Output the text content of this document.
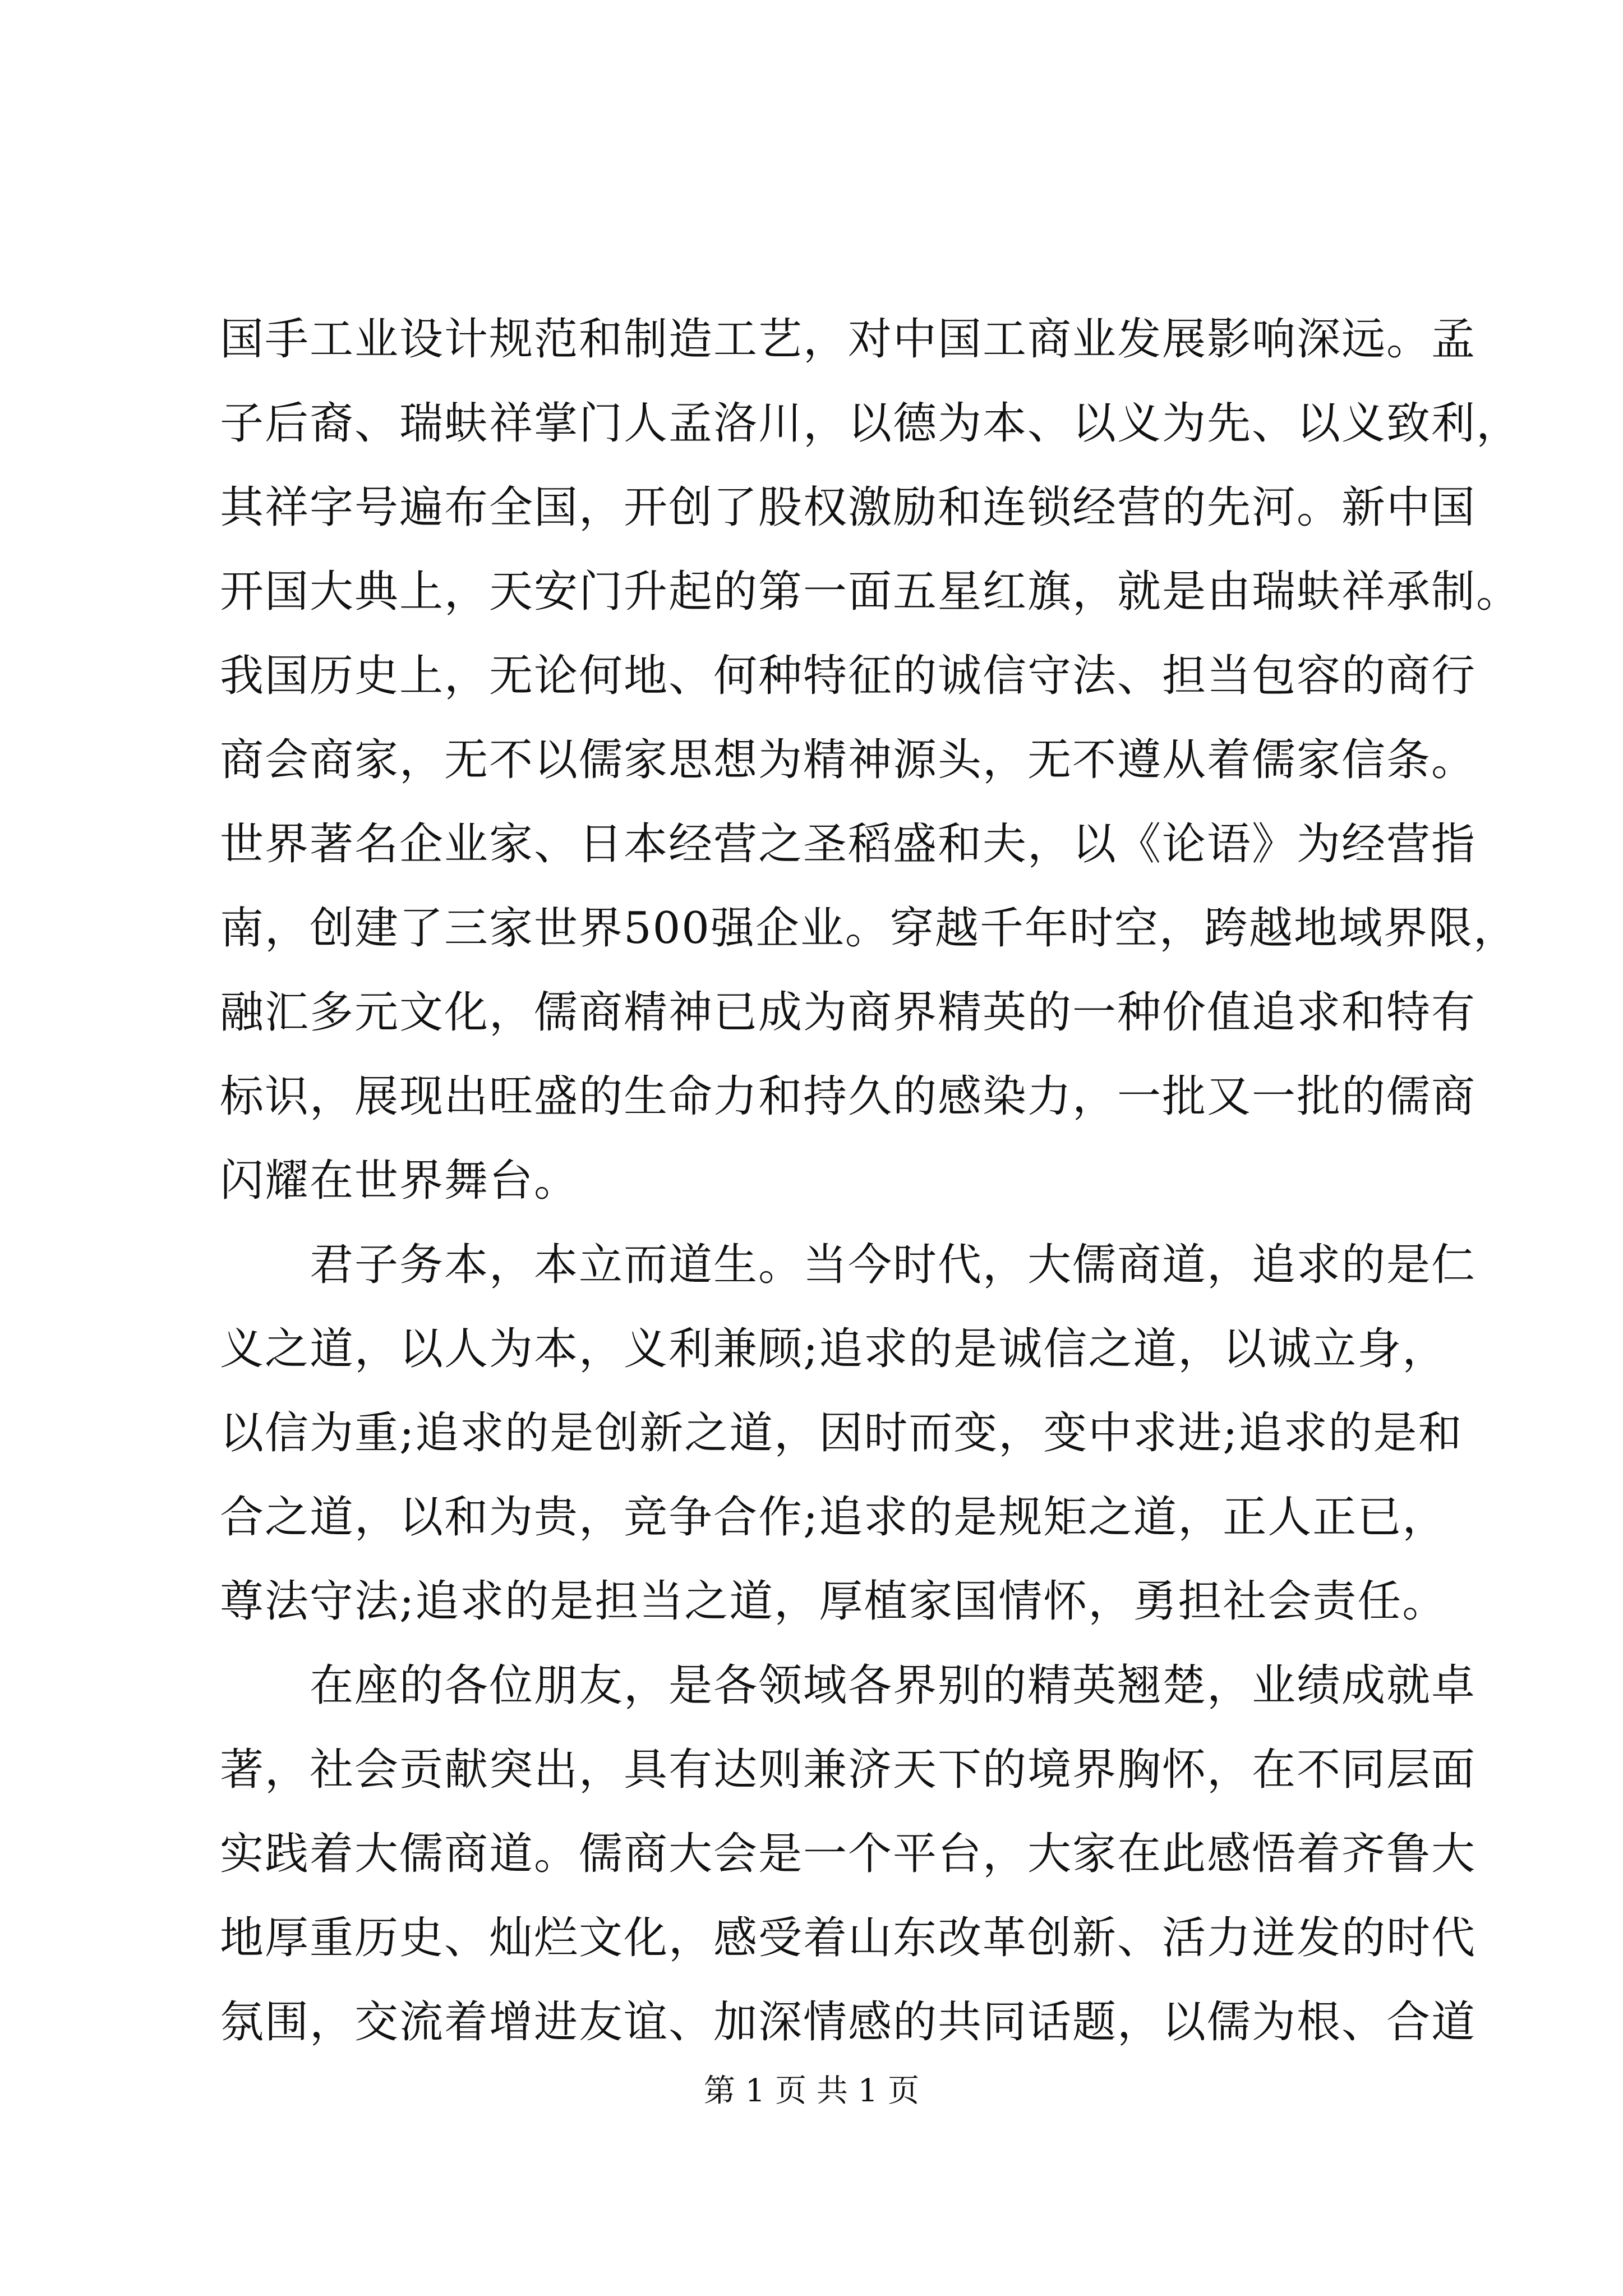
国手工业设计规范和制造工艺，对中国工商业发展影响深远。孟
子后裔、瑞蚨祥掌门人孟洛川，以德为本、以义为先、以义致利，
其祥字号遍布全国，开创了股权激励和连锁经营的先河。新中国
开国大典上，天安门升起的第一面五星红旗，就是由瑞蚨祥承制。
我国历史上，无论何地、何种特征的诚信守法、担当包容的商行
商会商家，无不以儒家思想为精神源头，无不遵从着儒家信条。
世界著名企业家、日本经营之圣稻盛和夫，以《论语》为经营指
南，创建了三家世界500强企业。穿越千年时空，跨越地域界限，
融汇多元文化，儒商精神已成为商界精英的一种价值追求和特有
标识，展现出旺盛的生命力和持久的感染力，一批又一批的儒商
闪耀在世界舞台。
君子务本，本立而道生。当今时代，大儒商道，追求的是仁
义之道，以人为本，义利兼顾;追求的是诚信之道，以诚立身，
以信为重;追求的是创新之道，因时而变，变中求进;追求的是和
合之道，以和为贵，竞争合作;追求的是规矩之道，正人正已，
尊法守法;追求的是担当之道，厚植家国情怀，勇担社会责任。
在座的各位朋友，是各领域各界别的精英翘楚，业绩成就卓
著，社会贡献突出，具有达则兼济天下的境界胸怀，在不同层面
实践着大儒商道。儒商大会是一个平台，大家在此感悟着齐鲁大
地厚重历史、灿烂文化，感受着山东改革创新、活力迸发的时代
氛围，交流着增进友谊、加深情感的共同话题，以儒为根、合道
第 1 页 共 1 页
